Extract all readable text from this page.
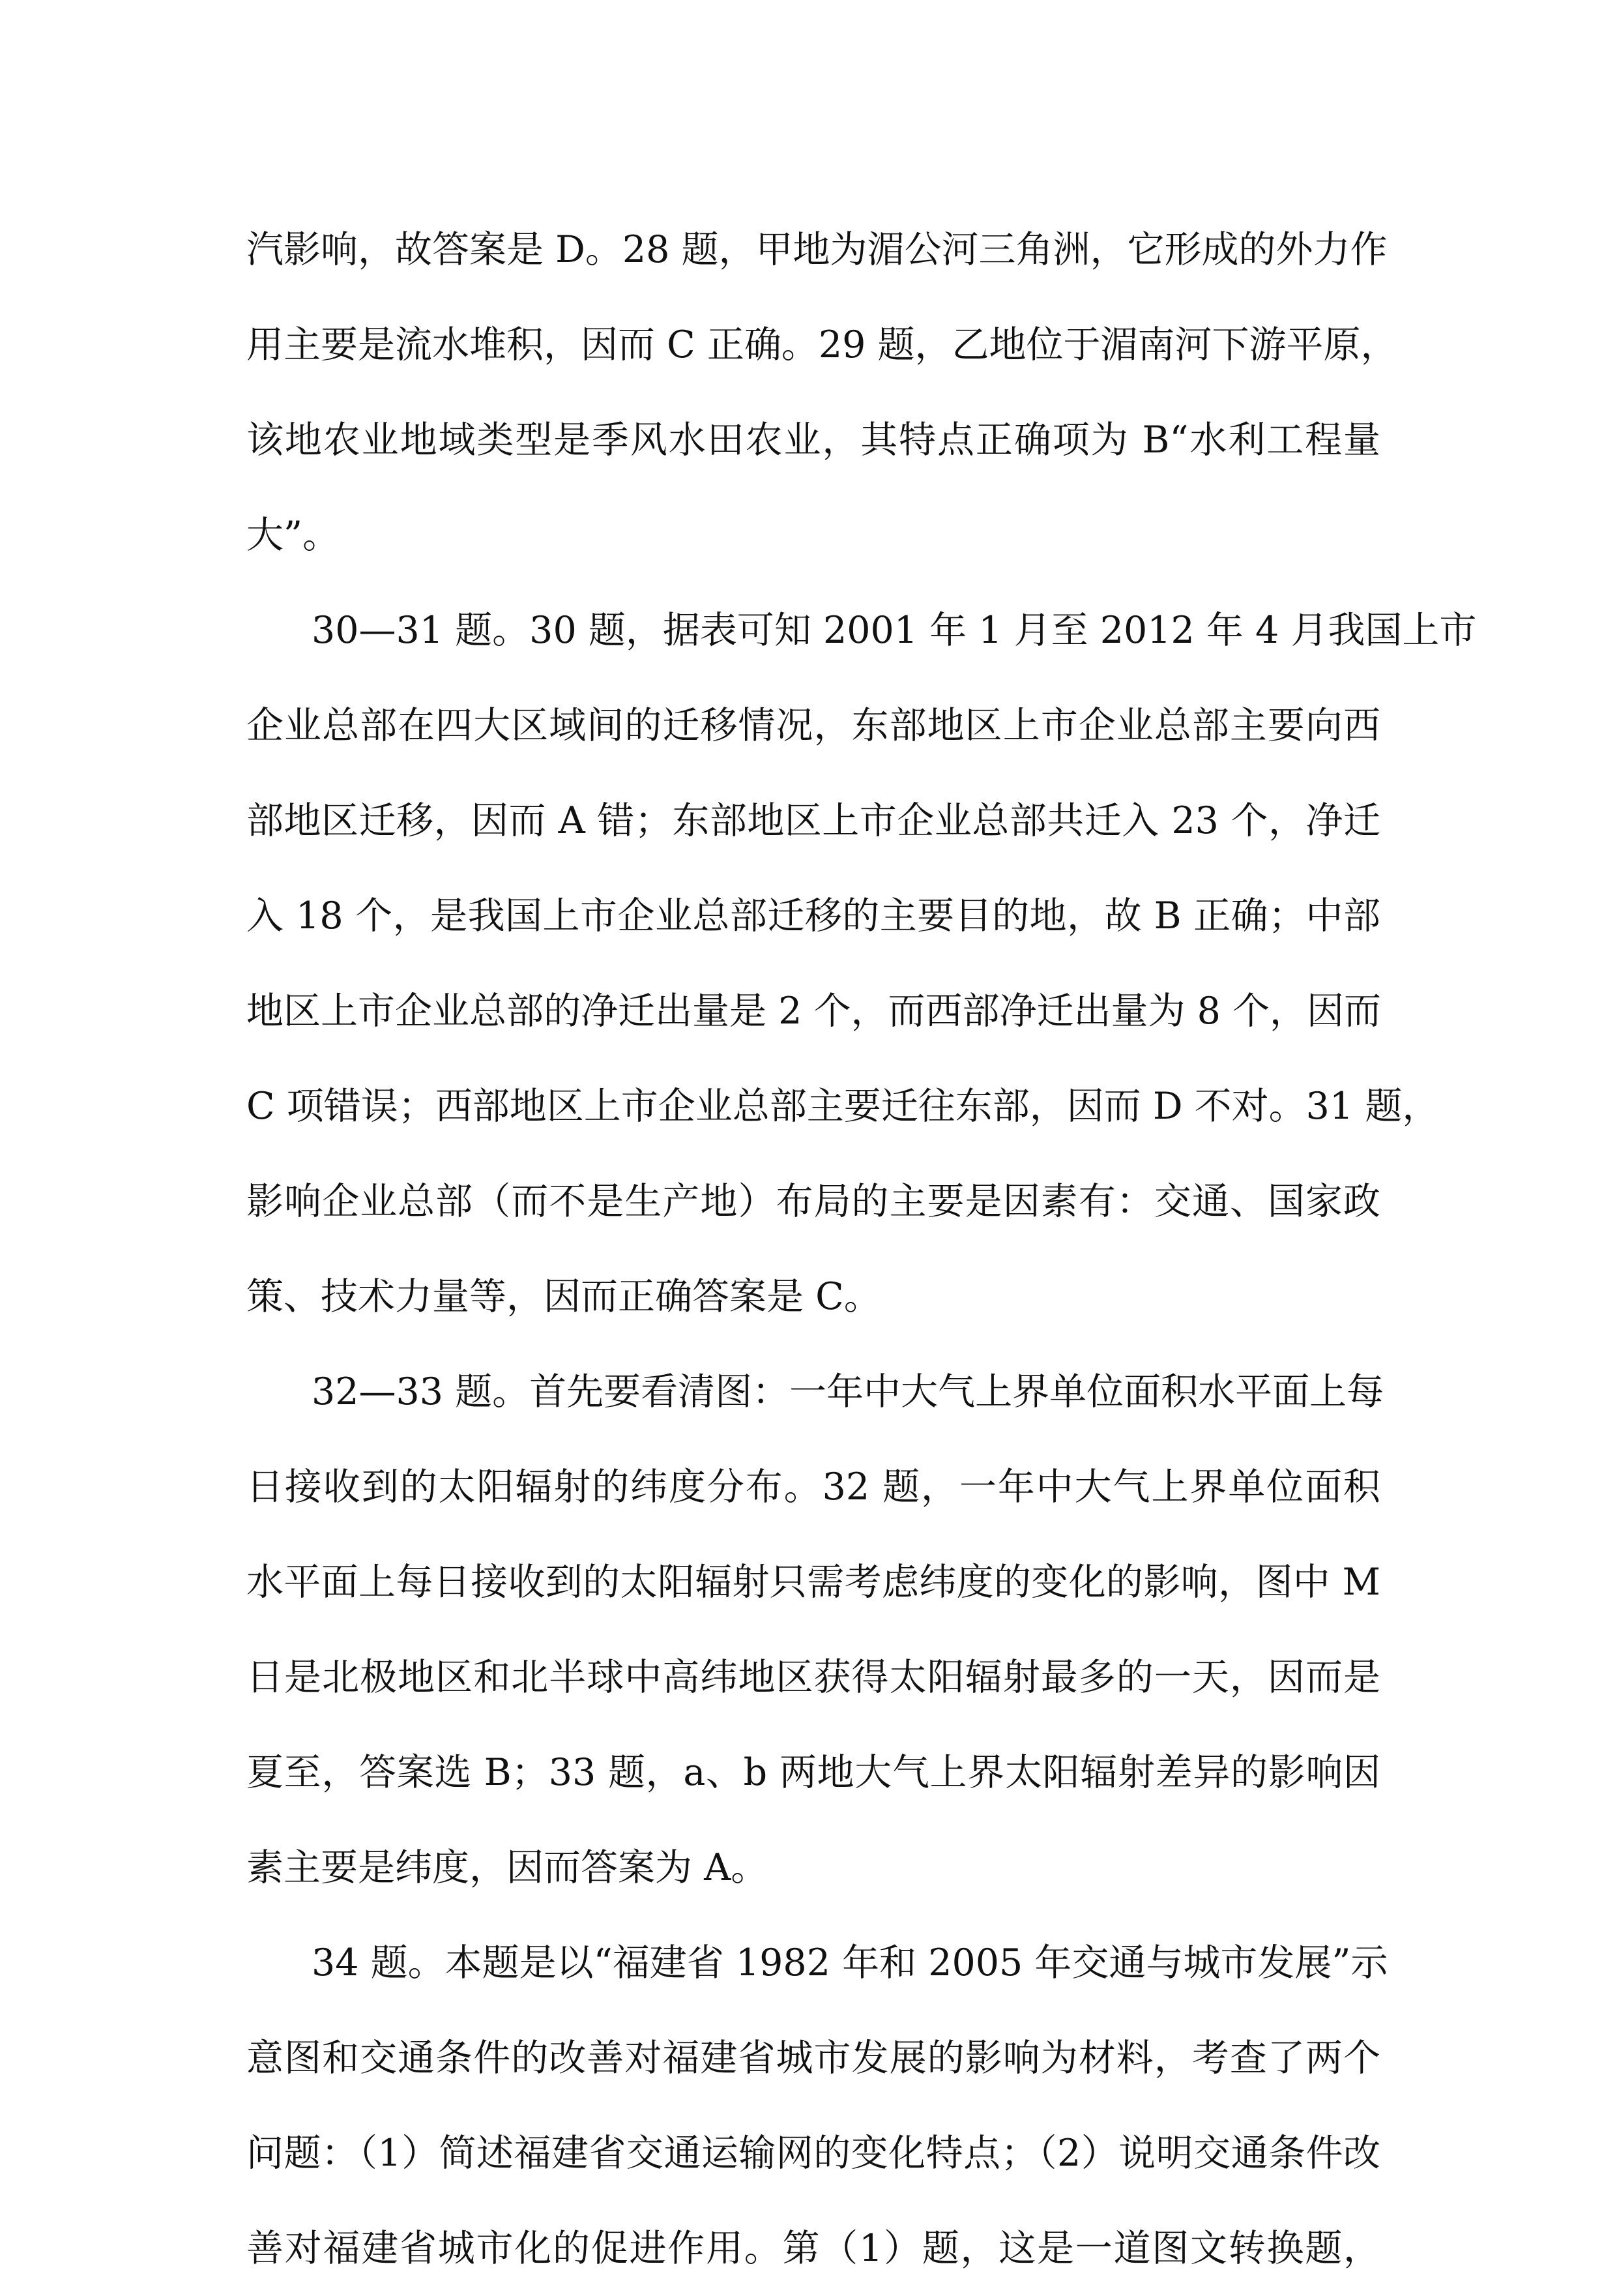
汽影响，故答案是 D。28 题，甲地为湄公河三角洲，它形成的外力作
用主要是流水堆积，因而 C 正确。29 题，乙地位于湄南河下游平原，
该地农业地域类型是季风水田农业，其特点正确项为 B“水利工程量
大”。
30—31 题。30 题，据表可知 2001 年 1 月至 2012 年 4 月我国上市
企业总部在四大区域间的迁移情况，东部地区上市企业总部主要向西
部地区迁移，因而 A 错；东部地区上市企业总部共迁入 23 个，净迁
入 18 个，是我国上市企业总部迁移的主要目的地，故 B 正确；中部
地区上市企业总部的净迁出量是 2 个，而西部净迁出量为 8 个，因而
C 项错误；西部地区上市企业总部主要迁往东部，因而 D 不对。31 题，
影响企业总部（而不是生产地）布局的主要是因素有：交通、国家政
策、技术力量等，因而正确答案是 C。
32—33 题。首先要看清图：一年中大气上界单位面积水平面上每
日接收到的太阳辐射的纬度分布。32 题，一年中大气上界单位面积
水平面上每日接收到的太阳辐射只需考虑纬度的变化的影响，图中 M
日是北极地区和北半球中高纬地区获得太阳辐射最多的一天，因而是
夏至，答案选 B；33 题，a、b 两地大气上界太阳辐射差异的影响因
素主要是纬度，因而答案为 A。
34 题。本题是以“福建省 1982 年和 2005 年交通与城市发展”示
意图和交通条件的改善对福建省城市发展的影响为材料，考查了两个
问题：（1）简述福建省交通运输网的变化特点；（2）说明交通条件改
善对福建省城市化的促进作用。第（1）题，这是一道图文转换题，
